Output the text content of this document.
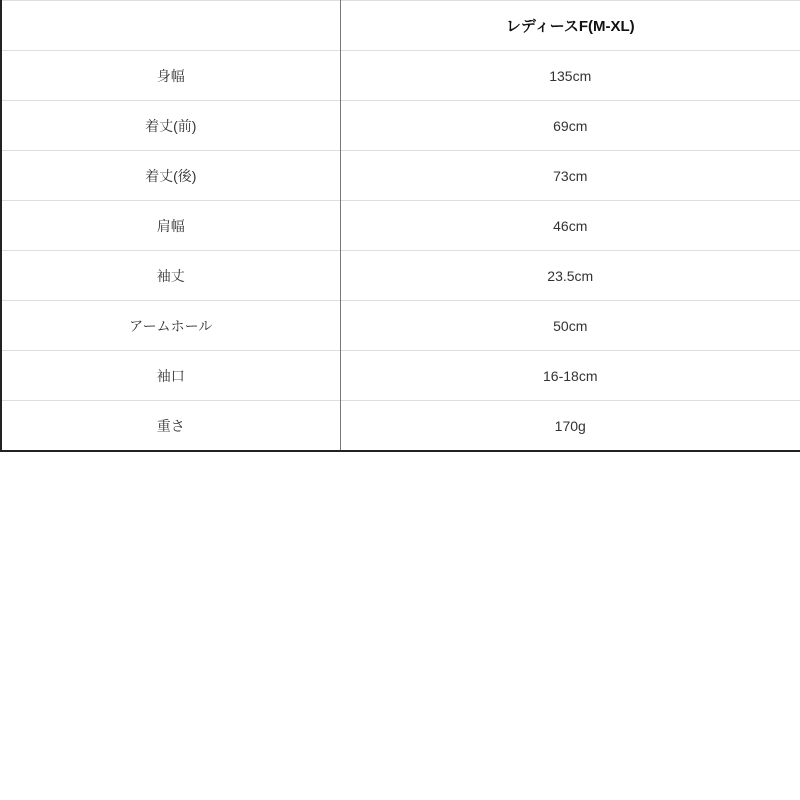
	レディースF(M-XL)
身幅	135cm
着丈(前)	69cm
着丈(後)	73cm
肩幅	46cm
袖丈	23.5cm
アームホール	50cm
袖口	16-18cm
重さ	170g
